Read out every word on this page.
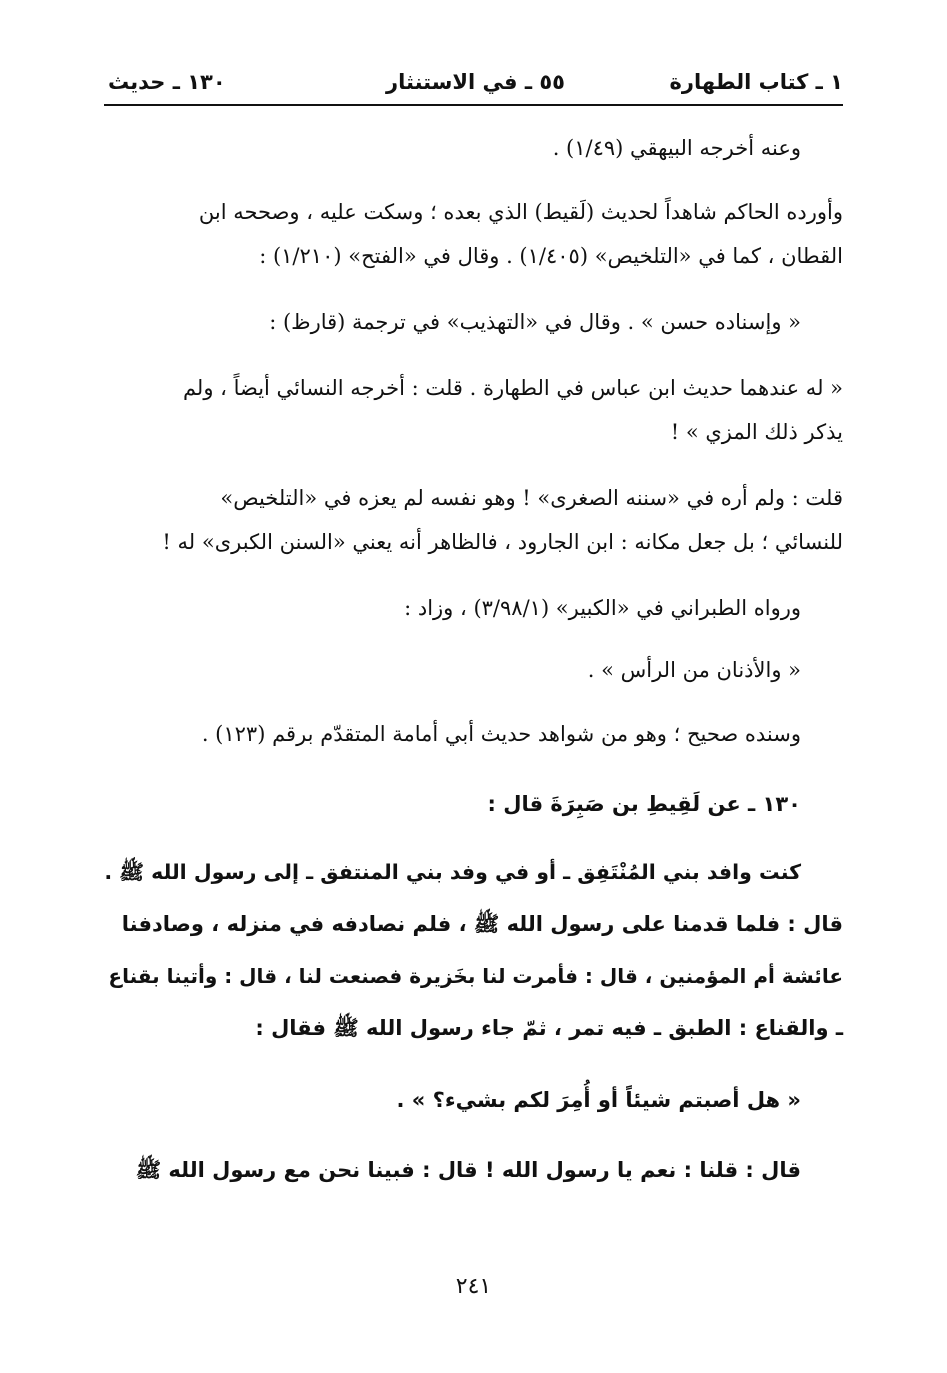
١ ـ كتاب الطهارة
٥٥ ـ في الاستنثار
١٣٠ ـ حديث
وعنه أخرجه البيهقي (١/٤٩) .
وأورده الحاكم شاهداً لحديث (لَقيط) الذي بعده ؛ وسكت عليه ، وصححه ابن
القطان ، كما في «التلخيص» (١/٤٠٥) . وقال في «الفتح» (١/٢١٠) :
« وإسناده حسن » . وقال في «التهذيب» في ترجمة (قارظ) :
« له عندهما حديث ابن عباس في الطهارة . قلت : أخرجه النسائي أيضاً ، ولم
يذكر ذلك المزي » !
قلت : ولم أره في «سننه الصغرى» ! وهو نفسه لم يعزه في «التلخيص»
للنسائي ؛ بل جعل مكانه : ابن الجارود ، فالظاهر أنه يعني «السنن الكبرى» له !
ورواه الطبراني في «الكبير» (٣/٩٨/١) ، وزاد :
« والأذنان من الرأس » .
وسنده صحيح ؛ وهو من شواهد حديث أبي أمامة المتقدّم برقم (١٢٣) .
١٣٠ ـ عن لَقِيطِ بن صَبِرَةَ قال :
كنت وافد بني المُنْتَفِق ـ أو في وفد بني المنتفق ـ إلى رسول الله ﷺ .
قال : فلما قدمنا على رسول الله ﷺ ، فلم نصادفه في منزله ، وصادفنا
عائشة أم المؤمنين ، قال : فأمرت لنا بخَزيرة فصنعت لنا ، قال : وأتينا بقناع
ـ والقناع : الطبق ـ فيه تمر ، ثمّ جاء رسول الله ﷺ فقال :
« هل أصبتم شيئاً أو أُمِرَ لكم بشيء؟ » .
قال : قلنا : نعم يا رسول الله ! قال : فبينا نحن مع رسول الله ﷺ
٢٤١
